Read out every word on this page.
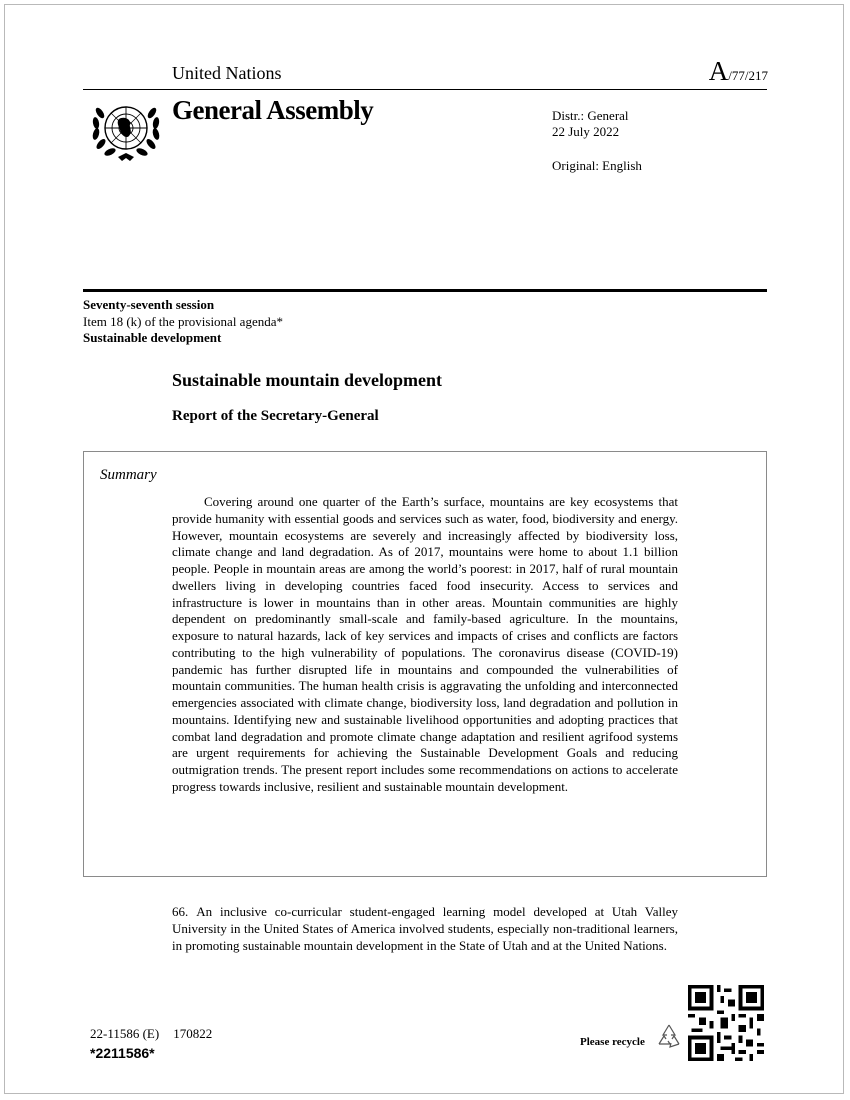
United Nations	A/77/217
General Assembly	Distr.: General
22 July 2022
Original: English
Seventy-seventh session
Item 18 (k) of the provisional agenda*
Sustainable development
Sustainable mountain development
Report of the Secretary-General
Summary

Covering around one quarter of the Earth’s surface, mountains are key ecosystems that provide humanity with essential goods and services such as water, food, biodiversity and energy. However, mountain ecosystems are severely and increasingly affected by biodiversity loss, climate change and land degradation. As of 2017, mountains were home to about 1.1 billion people. People in mountain areas are among the world’s poorest: in 2017, half of rural mountain dwellers living in developing countries faced food insecurity. Access to services and infrastructure is lower in mountains than in other areas. Mountain communities are highly dependent on predominantly small-scale and family-based agriculture. In the mountains, exposure to natural hazards, lack of key services and impacts of crises and conflicts are factors contributing to the high vulnerability of populations. The coronavirus disease (COVID-19) pandemic has further disrupted life in mountains and compounded the vulnerabilities of mountain communities. The human health crisis is aggravating the unfolding and interconnected emergencies associated with climate change, biodiversity loss, land degradation and pollution in mountains. Identifying new and sustainable livelihood opportunities and adopting practices that combat land degradation and promote climate change adaptation and resilient agrifood systems are urgent requirements for achieving the Sustainable Development Goals and reducing outmigration trends. The present report includes some recommendations on actions to accelerate progress towards inclusive, resilient and sustainable mountain development.

66. An inclusive co-curricular student-engaged learning model developed at Utah Valley University in the United States of America involved students, especially non-traditional learners, in promoting sustainable mountain development in the State of Utah and at the United Nations.

22-11586 (E) 170822
*2211586*
Please recycle
